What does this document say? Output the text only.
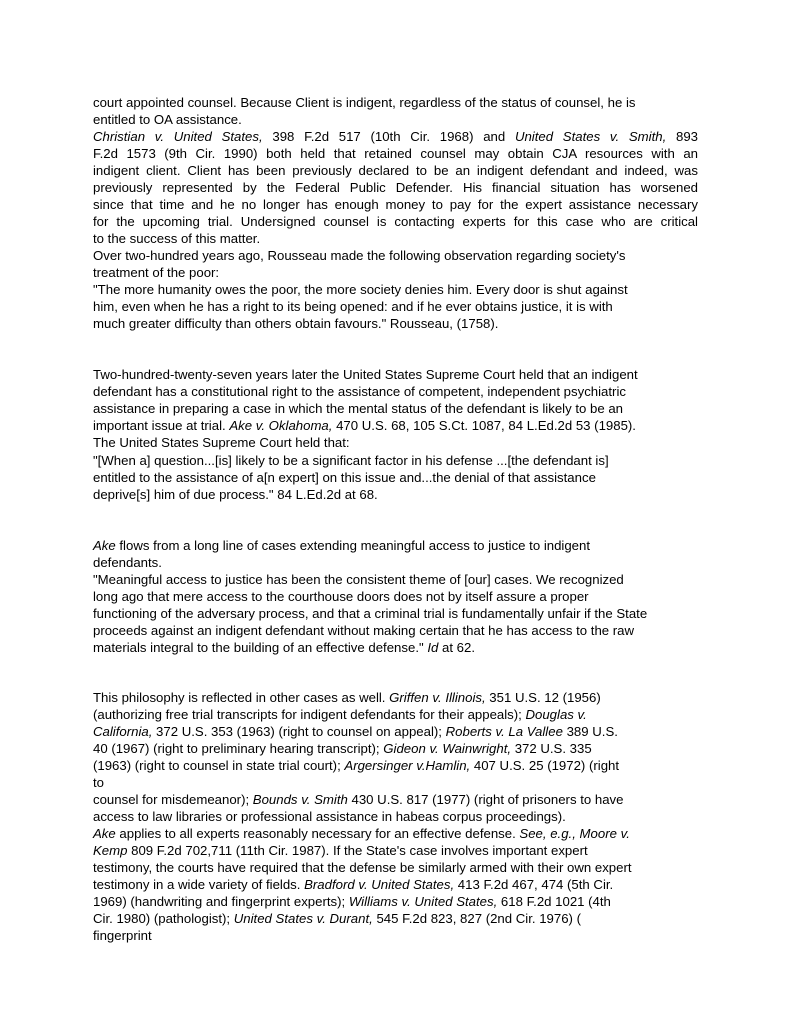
court appointed counsel. Because Client is indigent, regardless of the status of counsel, he is
entitled to OA assistance.
Christian v. United States, 398 F.2d 517 (10th Cir. 1968) and United States v. Smith, 893
F.2d 1573 (9th Cir. 1990) both held that retained counsel may obtain CJA resources with an
indigent client. Client has been previously declared to be an indigent defendant and indeed, was
previously represented by the Federal Public Defender. His financial situation has worsened
since that time and he no longer has enough money to pay for the expert assistance necessary
for the upcoming trial. Undersigned counsel is contacting experts for this case who are critical
to the success of this matter.
Over two-hundred years ago, Rousseau made the following observation regarding society's
treatment of the poor:
"The more humanity owes the poor, the more society denies him. Every door is shut against
him, even when he has a right to its being opened: and if he ever obtains justice, it is with
much greater difficulty than others obtain favours." Rousseau, (1758).
Two-hundred-twenty-seven years later the United States Supreme Court held that an indigent
defendant has a constitutional right to the assistance of competent, independent psychiatric
assistance in preparing a case in which the mental status of the defendant is likely to be an
important issue at trial. Ake v. Oklahoma, 470 U.S. 68, 105 S.Ct. 1087, 84 L.Ed.2d 53 (1985).
The United States Supreme Court held that:
"[When a] question...[is] likely to be a significant factor in his defense ...[the defendant is]
entitled to the assistance of a[n expert] on this issue and...the denial of that assistance
deprive[s] him of due process." 84 L.Ed.2d at 68.
Ake flows from a long line of cases extending meaningful access to justice to indigent
defendants.
"Meaningful access to justice has been the consistent theme of [our] cases. We recognized
long ago that mere access to the courthouse doors does not by itself assure a proper
functioning of the adversary process, and that a criminal trial is fundamentally unfair if the State
proceeds against an indigent defendant without making certain that he has access to the raw
materials integral to the building of an effective defense." Id at 62.
This philosophy is reflected in other cases as well. Griffen v. Illinois, 351 U.S. 12 (1956)
(authorizing free trial transcripts for indigent defendants for their appeals); Douglas v.
California, 372 U.S. 353 (1963) (right to counsel on appeal); Roberts v. La Vallee 389 U.S.
40 (1967) (right to preliminary hearing transcript); Gideon v. Wainwright, 372 U.S. 335
(1963) (right to counsel in state trial court); Argersinger v.Hamlin, 407 U.S. 25 (1972) (right
to
counsel for misdemeanor); Bounds v. Smith 430 U.S. 817 (1977) (right of prisoners to have
access to law libraries or professional assistance in habeas corpus proceedings).
Ake applies to all experts reasonably necessary for an effective defense. See, e.g., Moore v.
Kemp 809 F.2d 702,711 (11th Cir. 1987). If the State's case involves important expert
testimony, the courts have required that the defense be similarly armed with their own expert
testimony in a wide variety of fields. Bradford v. United States, 413 F.2d 467, 474 (5th Cir.
1969) (handwriting and fingerprint experts); Williams v. United States, 618 F.2d 1021 (4th
Cir. 1980) (pathologist); United States v. Durant, 545 F.2d 823, 827 (2nd Cir. 1976) (
fingerprint
